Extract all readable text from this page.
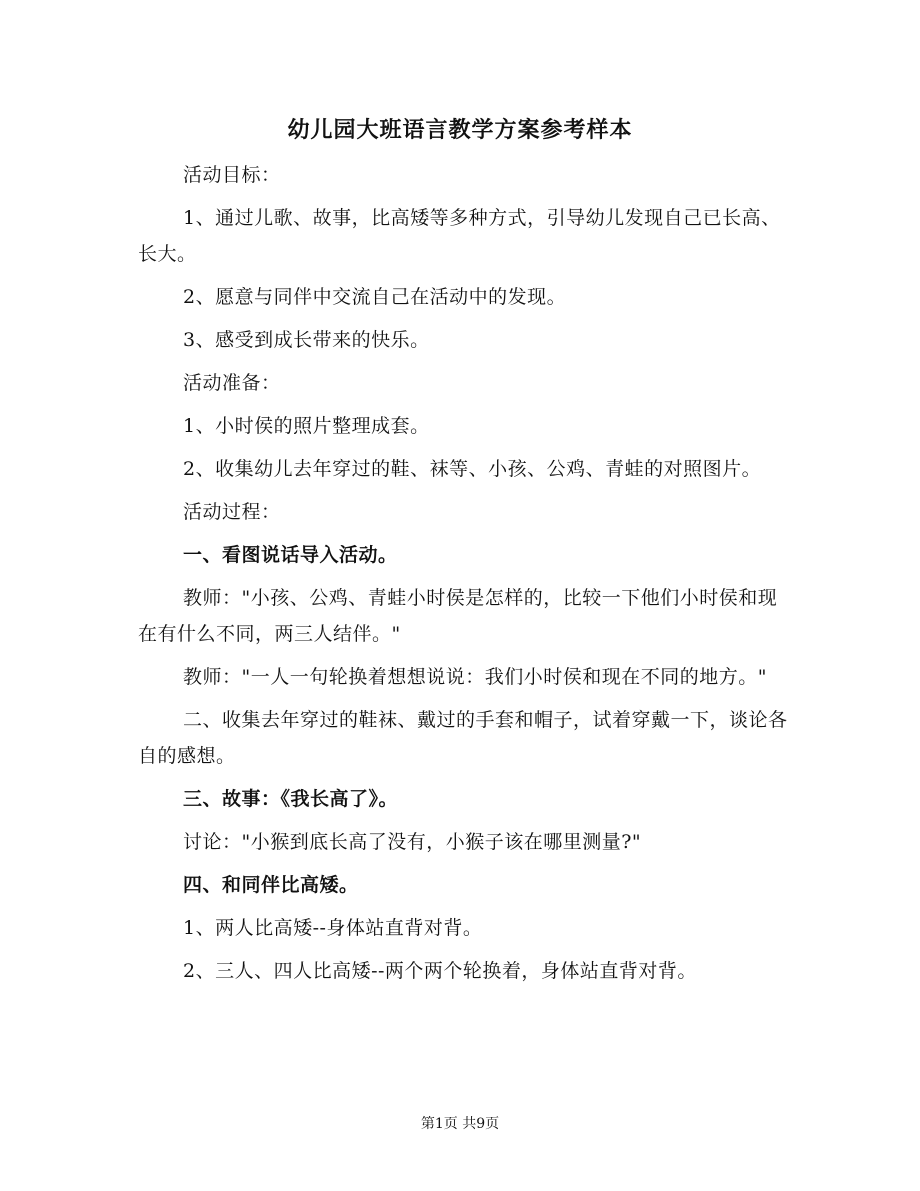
幼儿园大班语言教学方案参考样本

活动目标：

1、通过儿歌、故事，比高矮等多种方式，引导幼儿发现自己已长高、长大。

2、愿意与同伴中交流自己在活动中的发现。

3、感受到成长带来的快乐。

活动准备：

1、小时侯的照片整理成套。

2、收集幼儿去年穿过的鞋、袜等、小孩、公鸡、青蛙的对照图片。

活动过程：

一、看图说话导入活动。

教师："小孩、公鸡、青蛙小时侯是怎样的，比较一下他们小时侯和现在有什么不同，两三人结伴。"

教师："一人一句轮换着想想说说：我们小时侯和现在不同的地方。"

二、收集去年穿过的鞋袜、戴过的手套和帽子，试着穿戴一下，谈论各自的感想。

三、故事：《我长高了》。

讨论："小猴到底长高了没有，小猴子该在哪里测量?"

四、和同伴比高矮。

1、两人比高矮--身体站直背对背。

2、三人、四人比高矮--两个两个轮换着，身体站直背对背。

第1页 共9页
